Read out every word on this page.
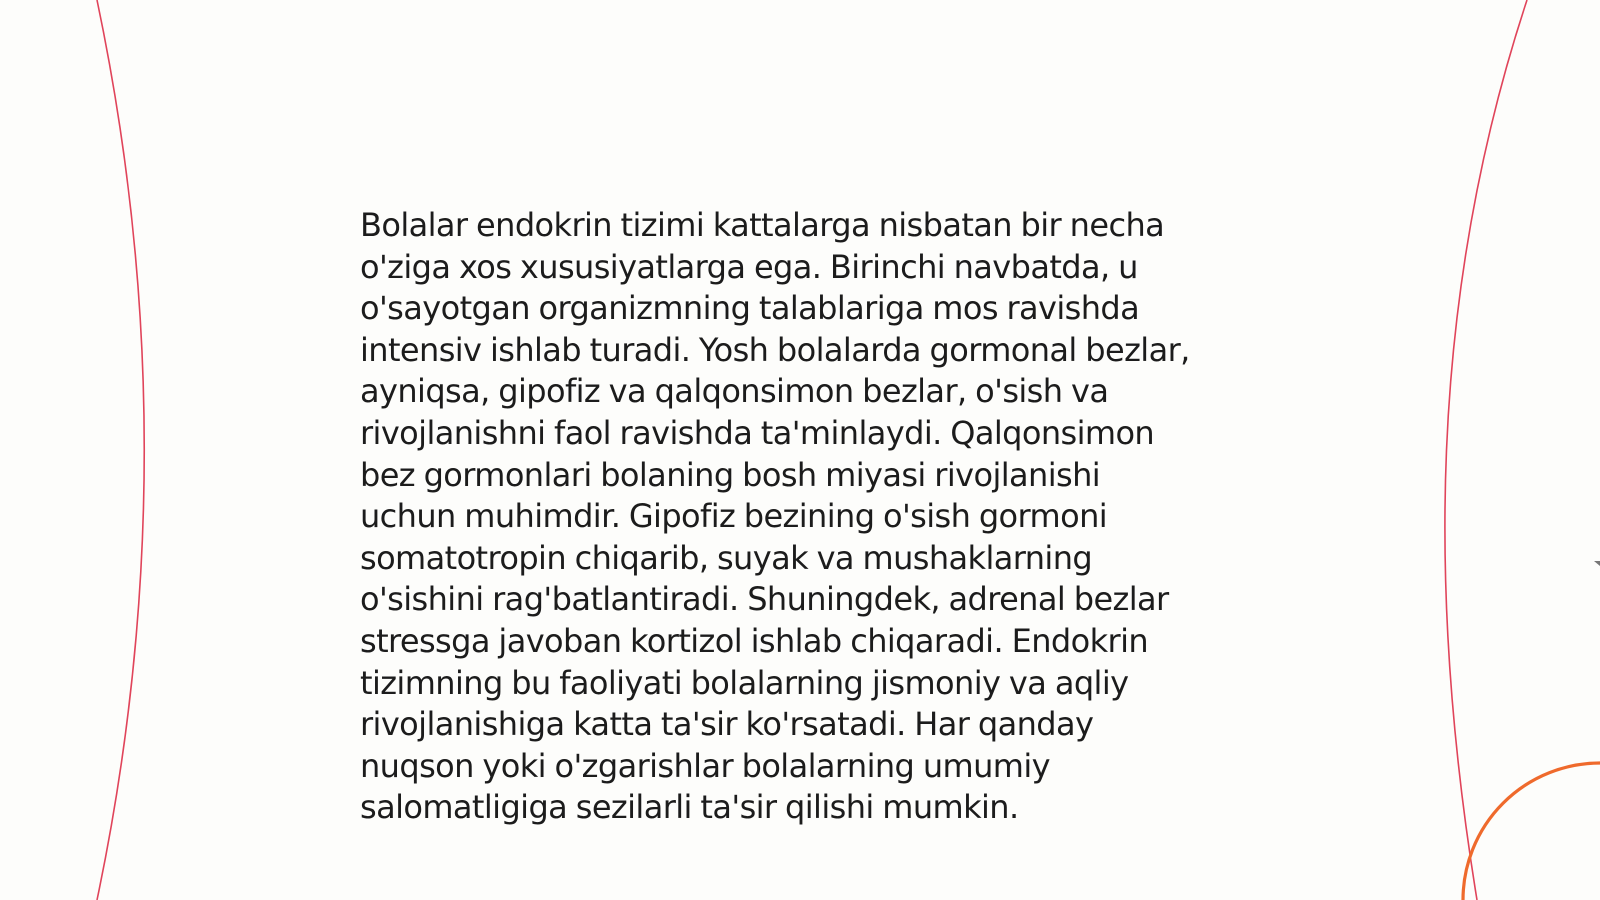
Bolalar endokrin tizimi kattalarga nisbatan bir necha
o'ziga xos xususiyatlarga ega. Birinchi navbatda, u
o'sayotgan organizmning talablariga mos ravishda
intensiv ishlab turadi. Yosh bolalarda gormonal bezlar,
ayniqsa, gipofiz va qalqonsimon bezlar, o'sish va
rivojlanishni faol ravishda ta'minlaydi. Qalqonsimon
bez gormonlari bolaning bosh miyasi rivojlanishi
uchun muhimdir. Gipofiz bezining o'sish gormoni
somatotropin chiqarib, suyak va mushaklarning
o'sishini rag'batlantiradi. Shuningdek, adrenal bezlar
stressga javoban kortizol ishlab chiqaradi. Endokrin
tizimning bu faoliyati bolalarning jismoniy va aqliy
rivojlanishiga katta ta'sir ko'rsatadi. Har qanday
nuqson yoki o'zgarishlar bolalarning umumiy
salomatligiga sezilarli ta'sir qilishi mumkin.
